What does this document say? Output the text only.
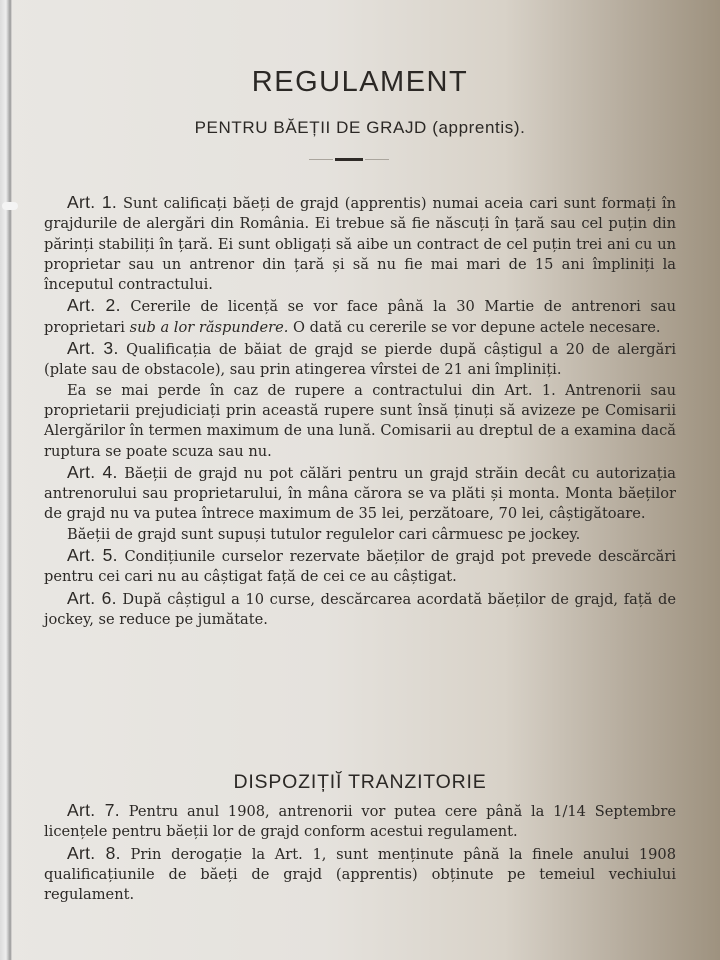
REGULAMENT
PENTRU BĂEȚII DE GRAJD (apprentis).

Art. 1. Sunt calificați băeți de grajd (apprentis) numai aceia cari sunt formați în grajdurile de alergări din România. Ei trebue să fie născuți în țară sau cel puțin din părinți stabiliți în țară. Ei sunt obligați să aibe un contract de cel puțin trei ani cu un proprietar sau un antrenor din țară și să nu fie mai mari de 15 ani împliniți la începutul contractului.

Art. 2. Cererile de licență se vor face până la 30 Martie de antrenori sau proprietari sub a lor răspundere. O dată cu cererile se vor depune actele necesare.

Art. 3. Qualificația de băiat de grajd se pierde după câștigul a 20 de alergări (plate sau de obstacole), sau prin atingerea vîrstei de 21 ani împliniți.

Ea se mai perde în caz de rupere a contractului din Art. 1. Antrenorii sau proprietarii prejudiciați prin această rupere sunt însă ținuți să avizeze pe Comisarii Alergărilor în termen maximum de una lună. Comisarii au dreptul de a examina dacă ruptura se poate scuza sau nu.

Art. 4. Băeții de grajd nu pot călări pentru un grajd străin decât cu autorizația antrenorului sau proprietarului, în mâna cărora se va plăti și monta. Monta băeților de grajd nu va putea întrece maximum de 35 lei, perzătoare, 70 lei, câștigătoare.

Băeții de grajd sunt supuși tutulor regulelor cari cârmuesc pe jockey.

Art. 5. Condițiunile curselor rezervate băeților de grajd pot prevede descărcări pentru cei cari nu au câștigat față de cei ce au câștigat.

Art. 6. După câștigul a 10 curse, descărcarea acordată băeților de grajd, față de jockey, se reduce pe jumătate.

DISPOZIȚIĬ TRANZITORIE

Art. 7. Pentru anul 1908, antrenorii vor putea cere până la 1/14 Septembre licențele pentru băeții lor de grajd conform acestui regulament.

Art. 8. Prin derogație la Art. 1, sunt menținute până la finele anului 1908 qualificațiunile de băeți de grajd (apprentis) obținute pe temeiul vechiului regulament.
